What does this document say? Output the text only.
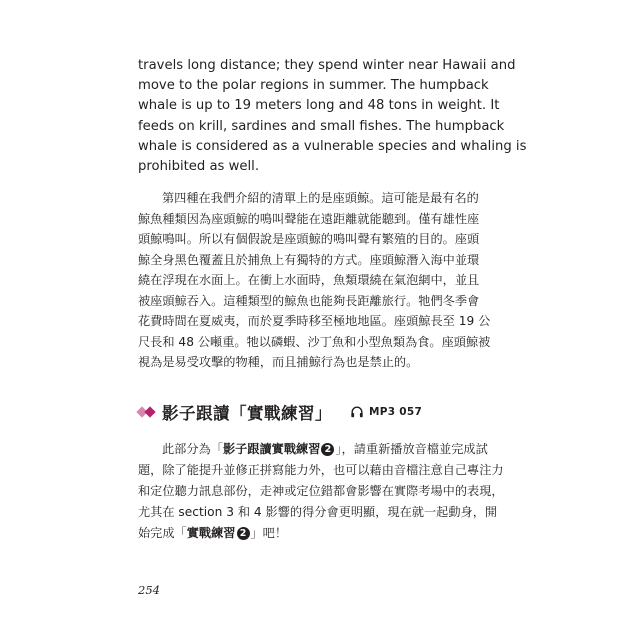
travels long distance; they spend winter near Hawaii and
move to the polar regions in summer. The humpback
whale is up to 19 meters long and 48 tons in weight. It
feeds on krill, sardines and small fishes. The humpback
whale is considered as a vulnerable species and whaling is
prohibited as well.

第四種在我們介紹的清單上的是座頭鯨。這可能是最有名的
鯨魚種類因為座頭鯨的鳴叫聲能在遠距離就能聽到。僅有雄性座
頭鯨鳴叫。所以有個假說是座頭鯨的鳴叫聲有繁殖的目的。座頭
鯨全身黑色覆蓋且於捕魚上有獨特的方式。座頭鯨潛入海中並環
繞在浮現在水面上。在衝上水面時，魚類環繞在氣泡網中，並且
被座頭鯨吞入。這種類型的鯨魚也能夠長距離旅行。牠們冬季會
花費時間在夏威夷，而於夏季時移至極地地區。座頭鯨長至 19 公
尺長和 48 公噸重。牠以磷蝦、沙丁魚和小型魚類為食。座頭鯨被
視為是易受攻擊的物種，而且捕鯨行為也是禁止的。

影子跟讀「實戰練習」	MP3 057

此部分為「影子跟讀實戰練習 2 」，請重新播放音檔並完成試
題，除了能提升並修正拼寫能力外，也可以藉由音檔注意自己專注力
和定位聽力訊息部份，走神或定位錯都會影響在實際考場中的表現，
尤其在 section 3 和 4 影響的得分會更明顯，現在就一起動身，開
始完成「實戰練習 2 」吧！

254
